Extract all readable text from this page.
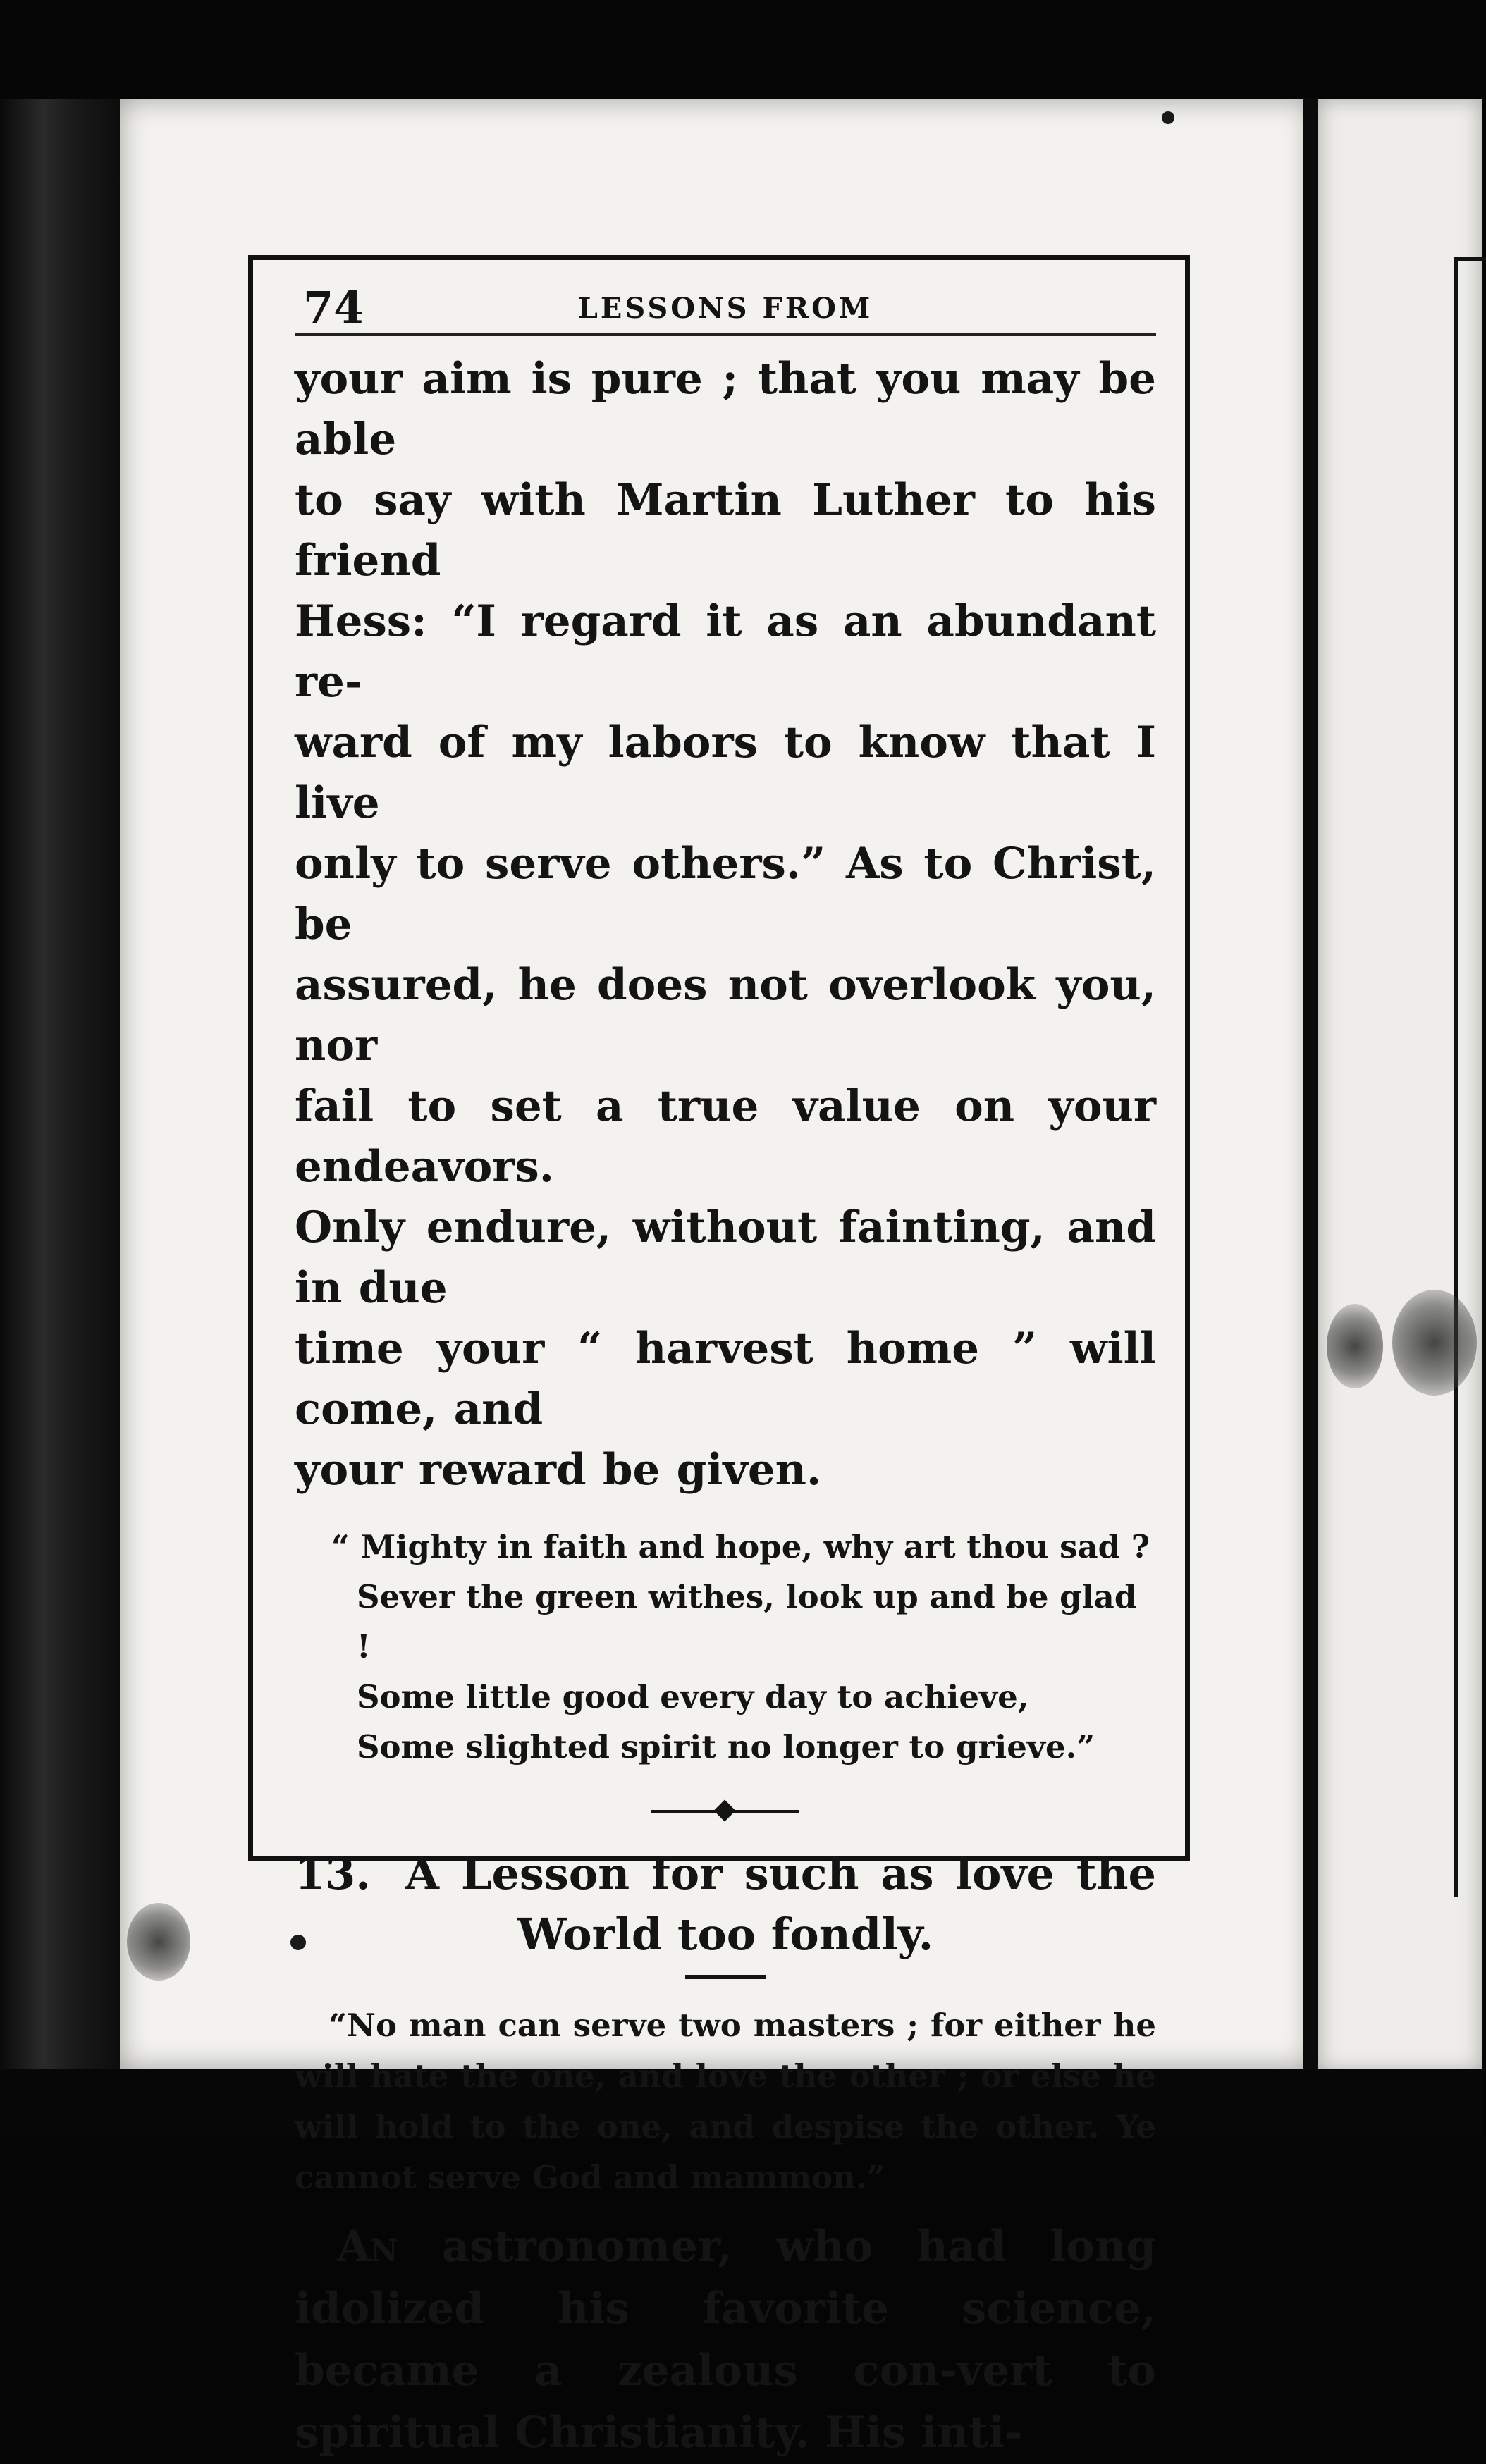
74	LESSONS FROM
your aim is pure ; that you may be able
to say with Martin Luther to his friend
Hess: “I regard it as an abundant re-
ward of my labors to know that I live
only to serve others.” As to Christ, be
assured, he does not overlook you, nor
fail to set a true value on your endeavors.
Only endure, without fainting, and in due
time your “ harvest home ” will come, and
your reward be given.
“ Mighty in faith and hope, why art thou sad ?
Sever the green withes, look up and be glad !
Some little good every day to achieve,
Some slighted spirit no longer to grieve.”
13. A Lesson for such as love the World too fondly.
“No man can serve two masters ; for either he will hate the one, and love the other ; or else he will hold to the one, and despise the other. Ye cannot serve God and mammon.”
An astronomer, who had long idolized his favorite science, became a zealous con-vert to spiritual Christianity. His inti-
